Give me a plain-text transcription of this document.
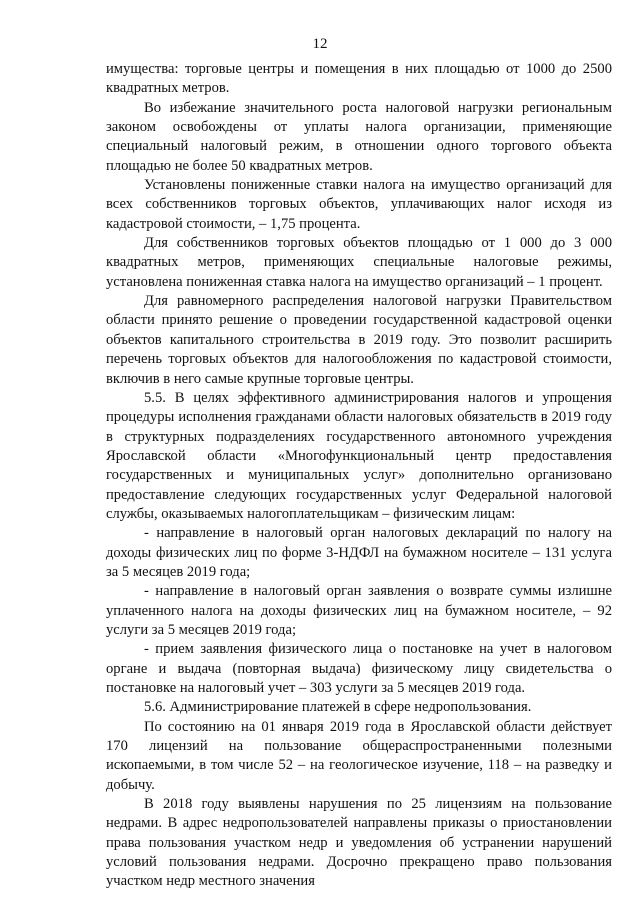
12

имущества: торговые центры и помещения в них площадью от 1000 до 2500 квадратных метров.

Во избежание значительного роста налоговой нагрузки региональным законом освобождены от уплаты налога организации, применяющие специальный налоговый режим, в отношении одного торгового объекта площадью не более 50 квадратных метров.

Установлены пониженные ставки налога на имущество организаций для всех собственников торговых объектов, уплачивающих налог исходя из кадастровой стоимости, – 1,75 процента.

Для собственников торговых объектов площадью от 1 000 до 3 000 квадратных метров, применяющих специальные налоговые режимы, установлена пониженная ставка налога на имущество организаций – 1 процент.

Для равномерного распределения налоговой нагрузки Правительством области принято решение о проведении государственной кадастровой оценки объектов капитального строительства в 2019 году. Это позволит расширить перечень торговых объектов для налогообложения по кадастровой стоимости, включив в него самые крупные торговые центры.

5.5. В целях эффективного администрирования налогов и упрощения процедуры исполнения гражданами области налоговых обязательств в 2019 году в структурных подразделениях государственного автономного учреждения Ярославской области «Многофункциональный центр предоставления государственных и муниципальных услуг» дополнительно организовано предоставление следующих государственных услуг Федеральной налоговой службы, оказываемых налогоплательщикам – физическим лицам:

- направление в налоговый орган налоговых деклараций по налогу на доходы физических лиц по форме 3-НДФЛ на бумажном носителе – 131 услуга за 5 месяцев 2019 года;

- направление в налоговый орган заявления о возврате суммы излишне уплаченного налога на доходы физических лиц на бумажном носителе, – 92 услуги за 5 месяцев 2019 года;

- прием заявления физического лица о постановке на учет в налоговом органе и выдача (повторная выдача) физическому лицу свидетельства о постановке на налоговый учет – 303 услуги за 5 месяцев 2019 года.

5.6. Администрирование платежей в сфере недропользования.

По состоянию на 01 января 2019 года в Ярославской области действует 170 лицензий на пользование общераспространенными полезными ископаемыми, в том числе 52 – на геологическое изучение, 118 – на разведку и добычу.

В 2018 году выявлены нарушения по 25 лицензиям на пользование недрами. В адрес недропользователей направлены приказы о приостановлении права пользования участком недр и уведомления об устранении нарушений условий пользования недрами. Досрочно прекращено право пользования участком недр местного значения
